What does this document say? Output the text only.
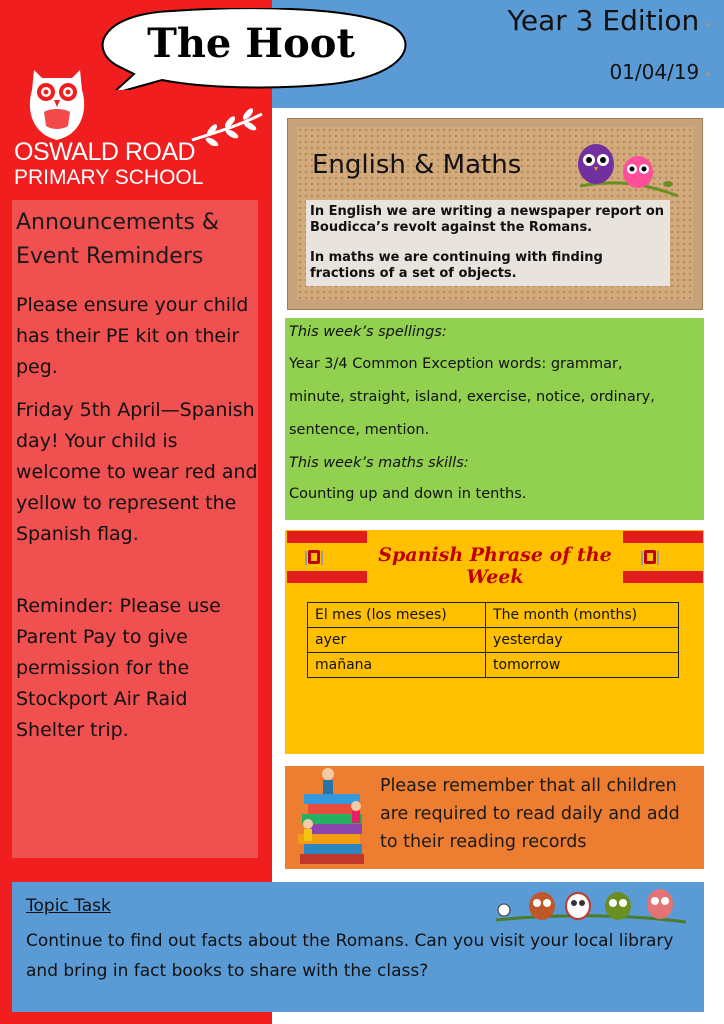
The Hoot	Year 3 Edition •
01/04/19 •
OSWALD ROAD
PRIMARY SCHOOL
Announcements & Event Reminders
Please ensure your child has their PE kit on their peg.
Friday 5th April—Spanish day! Your child is welcome to wear red and yellow to represent the Spanish flag.
Reminder: Please use Parent Pay to give permission for the Stockport Air Raid Shelter trip.
English & Maths
In English we are writing a newspaper report on Boudicca’s revolt against the Romans.
In maths we are continuing with finding fractions of a set of objects.
This week’s spellings:
Year 3/4 Common Exception words: grammar,
minute, straight, island, exercise, notice, ordinary,
sentence, mention.
This week’s maths skills:
Counting up and down in tenths.
Spanish Phrase of the Week
El mes (los meses)	The month (months)
ayer	yesterday
mañana	tomorrow
Please remember that all children are required to read daily and add to their reading records
Topic Task
Continue to find out facts about the Romans. Can you visit your local library and bring in fact books to share with the class?
